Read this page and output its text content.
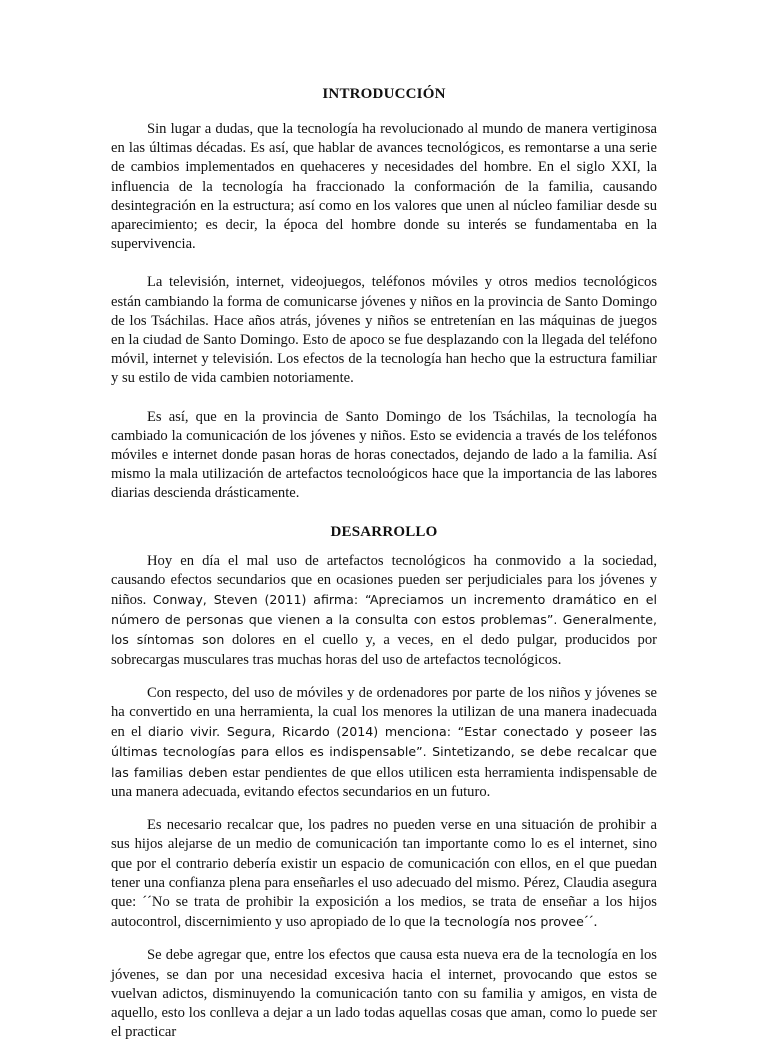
INTRODUCCIÓN

Sin lugar a dudas, que la tecnología ha revolucionado al mundo de manera vertiginosa en las últimas décadas. Es así, que hablar de avances tecnológicos, es remontarse a una serie de cambios implementados en quehaceres y necesidades del hombre. En el siglo XXI, la influencia de la tecnología ha fraccionado la conformación de la familia, causando desintegración en la estructura; así como en los valores que unen al núcleo familiar desde su aparecimiento; es decir, la época del hombre donde su interés se fundamentaba en la supervivencia.

La televisión, internet, videojuegos, teléfonos móviles y otros medios tecnológicos están cambiando la forma de comunicarse jóvenes y niños en la provincia de Santo Domingo de los Tsáchilas. Hace años atrás, jóvenes y niños se entretenían en las máquinas de juegos en la ciudad de Santo Domingo. Esto de apoco se fue desplazando con la llegada del teléfono móvil, internet y televisión. Los efectos de la tecnología han hecho que la estructura familiar y su estilo de vida cambien notoriamente.

Es así, que en la provincia de Santo Domingo de los Tsáchilas, la tecnología ha cambiado la comunicación de los jóvenes y niños. Esto se evidencia a través de los teléfonos móviles e internet donde pasan horas de horas conectados, dejando de lado a la familia. Así mismo la mala utilización de artefactos tecnoloógicos hace que la importancia de las labores diarias descienda drásticamente.

DESARROLLO

Hoy en día el mal uso de artefactos tecnológicos ha conmovido a la sociedad, causando efectos secundarios que en ocasiones pueden ser perjudiciales para los jóvenes y niños. Conway, Steven (2011) afirma: “Apreciamos un incremento dramático en el número de personas que vienen a la consulta con estos problemas”. Generalmente, los síntomas son dolores en el cuello y, a veces, en el dedo pulgar, producidos por sobrecargas musculares tras muchas horas del uso de artefactos tecnológicos.

Con respecto, del uso de móviles y de ordenadores por parte de los niños y jóvenes se ha convertido en una herramienta, la cual los menores la utilizan de una manera inadecuada en el diario vivir. Segura, Ricardo (2014) mencionа: “Estar conectado y poseer las últimas tecnologías para ellos es indispensable”. Sintetizando, se debe recalcar que las familias deben estar pendientes de que ellos utilicen esta herramienta indispensable de una manera adecuada, evitando efectos secundarios en un futuro.

Es necesario recalcar que, los padres no pueden verse en una situación de prohibir a sus hijos alejarse de un medio de comunicación tan importante como lo es el internet, sino que por el contrario debería existir un espacio de comunicación con ellos, en el que puedan tener una confianza plena para enseñarles el uso adecuado del mismo. Pérez, Claudia asegura que: ´´No se trata de prohibir la exposición a los medios, se trata de enseñar a los hijos autocontrol, discernimiento y uso apropiado de lo que la tecnología nos provee´´.

Se debe agregar que, entre los efectos que causa esta nueva era de la tecnología en los jóvenes, se dan por una necesidad excesiva hacia el internet, provocando que estos se vuelvan adictos, disminuyendo la comunicación tanto con su familia y amigos, en vista de aquello, esto los conlleva a dejar a un lado todas aquellas cosas que aman, como lo puede ser el practicar
